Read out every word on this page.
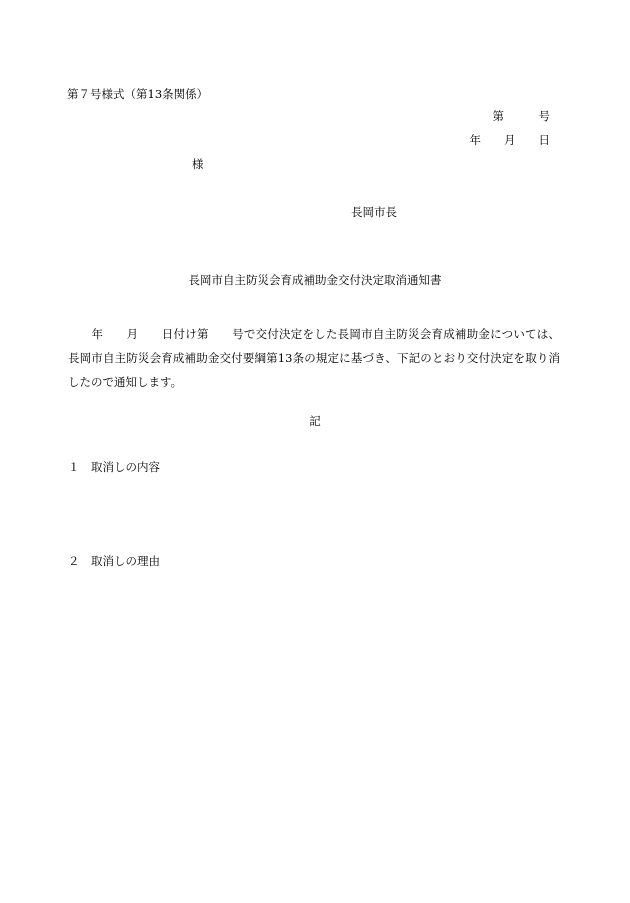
第７号様式（第13条関係）
第　　　号
年　　月　　日
様
長岡市長
長岡市自主防災会育成補助金交付決定取消通知書
　　年　　月　　日付け第　　号で交付決定をした長岡市自主防災会育成補助金については、長岡市自主防災会育成補助金交付要綱第13条の規定に基づき、下記のとおり交付決定を取り消したので通知します。
記
１　取消しの内容
２　取消しの理由
